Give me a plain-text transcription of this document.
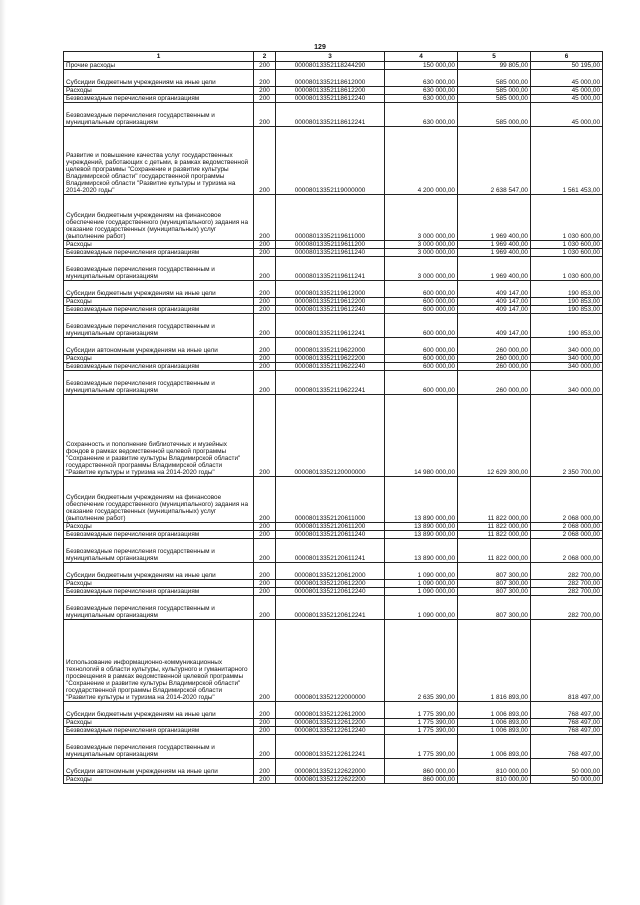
129
1	2	3	4	5	6
Прочие расходы	200	00008013352118244290	150 000,00	99 805,00	50 195,00
Субсидии бюджетным учреждениям на иные цели	200	00008013352118612000	630 000,00	585 000,00	45 000,00
Расходы	200	00008013352118612200	630 000,00	585 000,00	45 000,00
Безвозмездные перечисления организациям	200	00008013352118612240	630 000,00	585 000,00	45 000,00
Безвозмездные перечисления государственным и муниципальным организациям	200	00008013352118612241	630 000,00	585 000,00	45 000,00
Развитие и повышение качества услуг государственных учреждений, работающих с детьми, в рамках ведомственной целевой программы "Сохранение и развитие культуры Владимирской области" государственной программы Владимирской области "Развитие культуры и туризма на 2014-2020 годы"	200	00008013352119000000	4 200 000,00	2 638 547,00	1 561 453,00
Субсидии бюджетным учреждениям на финансовое обеспечение государственного (муниципального) задания на оказание государственных (муниципальных) услуг (выполнение работ)	200	00008013352119611000	3 000 000,00	1 969 400,00	1 030 600,00
Расходы	200	00008013352119611200	3 000 000,00	1 969 400,00	1 030 600,00
Безвозмездные перечисления организациям	200	00008013352119611240	3 000 000,00	1 969 400,00	1 030 600,00
Безвозмездные перечисления государственным и муниципальным организациям	200	00008013352119611241	3 000 000,00	1 969 400,00	1 030 600,00
Субсидии бюджетным учреждениям на иные цели	200	00008013352119612000	600 000,00	409 147,00	190 853,00
Расходы	200	00008013352119612200	600 000,00	409 147,00	190 853,00
Безвозмездные перечисления организациям	200	00008013352119612240	600 000,00	409 147,00	190 853,00
Безвозмездные перечисления государственным и муниципальным организациям	200	00008013352119612241	600 000,00	409 147,00	190 853,00
Субсидии автономным учреждениям на иные цели	200	00008013352119622000	600 000,00	260 000,00	340 000,00
Расходы	200	00008013352119622200	600 000,00	260 000,00	340 000,00
Безвозмездные перечисления организациям	200	00008013352119622240	600 000,00	260 000,00	340 000,00
Безвозмездные перечисления государственным и муниципальным организациям	200	00008013352119622241	600 000,00	260 000,00	340 000,00
Сохранность и пополнение библиотечных и музейных фондов в рамках ведомственной целевой программы "Сохранение и развитие культуры Владимирской области" государственной программы Владимирской области "Развитие культуры и туризма на 2014-2020 годы"	200	00008013352120000000	14 980 000,00	12 629 300,00	2 350 700,00
Субсидии бюджетным учреждениям на финансовое обеспечение государственного (муниципального) задания на оказание государственных (муниципальных) услуг (выполнение работ)	200	00008013352120611000	13 890 000,00	11 822 000,00	2 068 000,00
Расходы	200	00008013352120611200	13 890 000,00	11 822 000,00	2 068 000,00
Безвозмездные перечисления организациям	200	00008013352120611240	13 890 000,00	11 822 000,00	2 068 000,00
Безвозмездные перечисления государственным и муниципальным организациям	200	00008013352120611241	13 890 000,00	11 822 000,00	2 068 000,00
Субсидии бюджетным учреждениям на иные цели	200	00008013352120612000	1 090 000,00	807 300,00	282 700,00
Расходы	200	00008013352120612200	1 090 000,00	807 300,00	282 700,00
Безвозмездные перечисления организациям	200	00008013352120612240	1 090 000,00	807 300,00	282 700,00
Безвозмездные перечисления государственным и муниципальным организациям	200	00008013352120612241	1 090 000,00	807 300,00	282 700,00
Использование информационно-коммуникационных технологий в области культуры, культурного и гуманитарного просвещения в рамках ведомственной целевой программы "Сохранение и развитие культуры Владимирской области" государственной программы Владимирской области "Развитие культуры и туризма на 2014-2020 годы"	200	00008013352122000000	2 635 390,00	1 816 893,00	818 497,00
Субсидии бюджетным учреждениям на иные цели	200	00008013352122612000	1 775 390,00	1 006 893,00	768 497,00
Расходы	200	00008013352122612200	1 775 390,00	1 006 893,00	768 497,00
Безвозмездные перечисления организациям	200	00008013352122612240	1 775 390,00	1 006 893,00	768 497,00
Безвозмездные перечисления государственным и муниципальным организациям	200	00008013352122612241	1 775 390,00	1 006 893,00	768 497,00
Субсидии автономным учреждениям на иные цели	200	00008013352122622000	860 000,00	810 000,00	50 000,00
Расходы	200	00008013352122622200	860 000,00	810 000,00	50 000,00
